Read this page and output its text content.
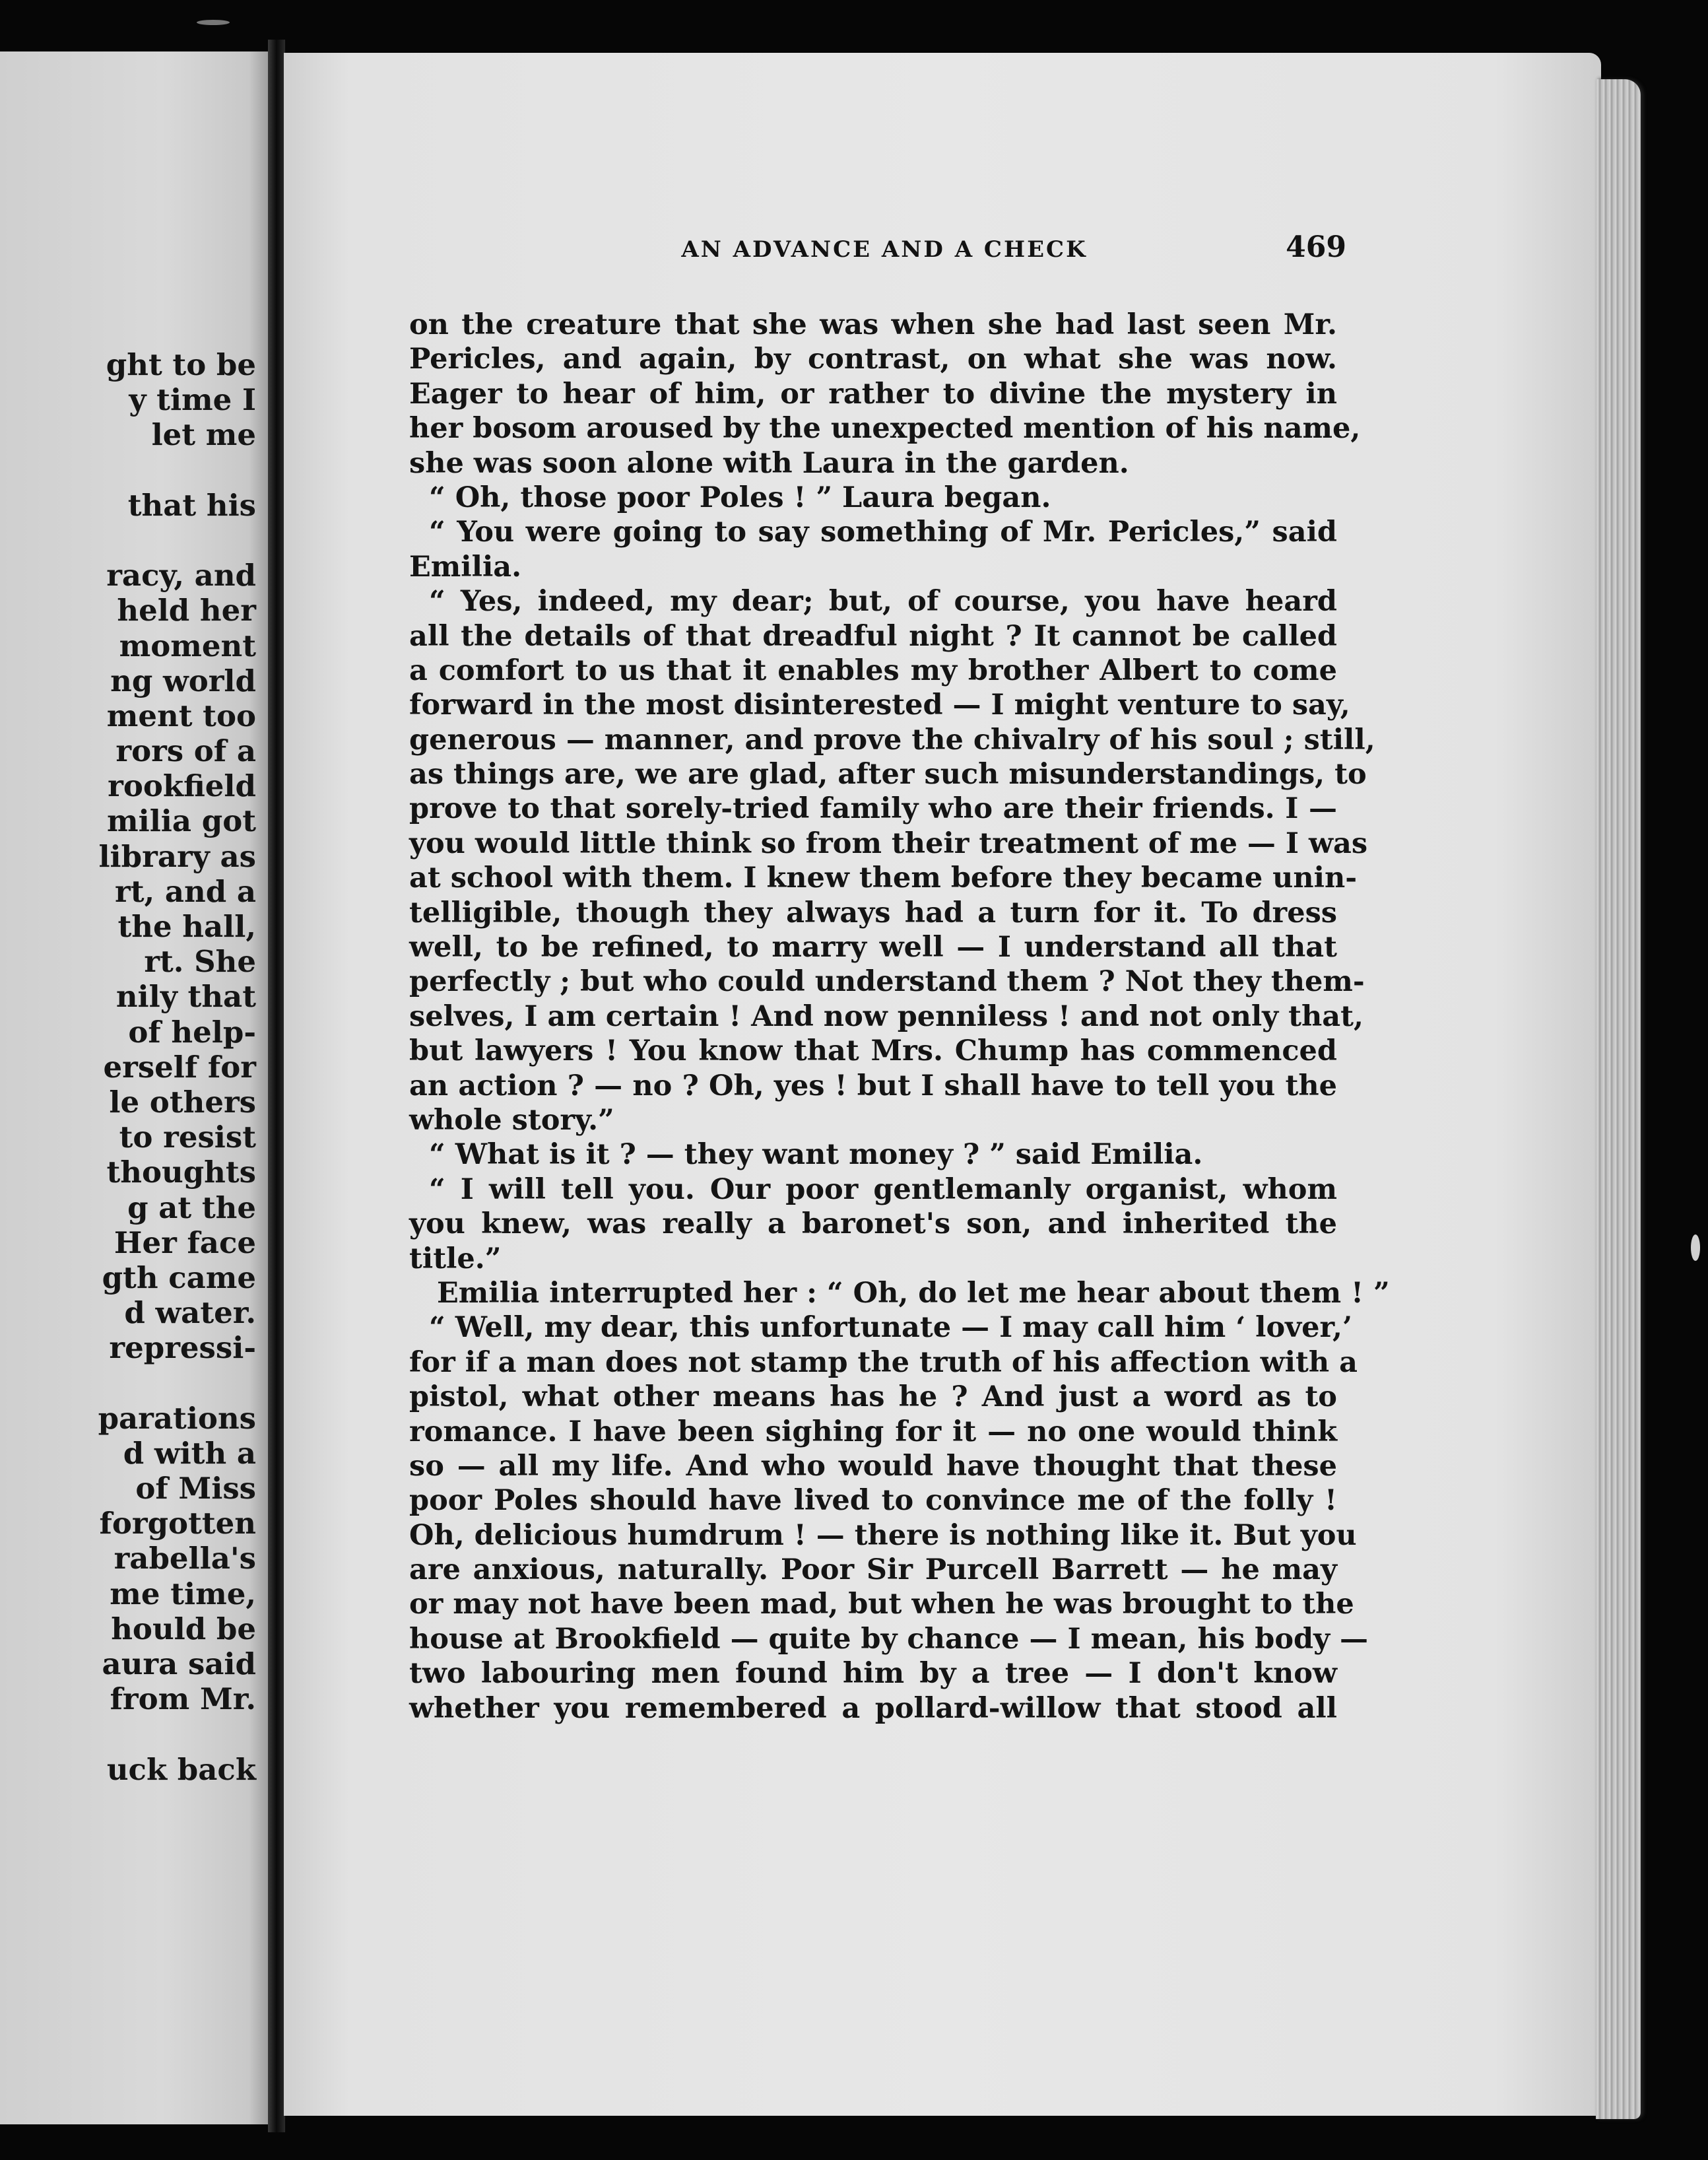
ght to be
y time I
let me
that his
racy, and
held her
moment
ng world
ment too
rors of a
rookfield
milia got
library as
rt, and a
the hall,
rt. She
nily that
of help-
erself for
le others
to resist
thoughts
g at the
Her face
gth came
d water.
repressi-
parations
d with a
of Miss
forgotten
rabella's
me time,
hould be
aura said
from Mr.
uck back
AN ADVANCE AND A CHECK	469
on the creature that she was when she had last seen Mr.
Pericles, and again, by contrast, on what she was now.
Eager to hear of him, or rather to divine the mystery in
her bosom aroused by the unexpected mention of his name,
she was soon alone with Laura in the garden.
“ Oh, those poor Poles ! ” Laura began.
“ You were going to say something of Mr. Pericles,” said
Emilia.
“ Yes, indeed, my dear; but, of course, you have heard
all the details of that dreadful night ? It cannot be called
a comfort to us that it enables my brother Albert to come
forward in the most disinterested — I might venture to say,
generous — manner, and prove the chivalry of his soul ; still,
as things are, we are glad, after such misunderstandings, to
prove to that sorely-tried family who are their friends. I —
you would little think so from their treatment of me — I was
at school with them. I knew them before they became unin-
telligible, though they always had a turn for it. To dress
well, to be refined, to marry well — I understand all that
perfectly ; but who could understand them ? Not they them-
selves, I am certain ! And now penniless ! and not only that,
but lawyers ! You know that Mrs. Chump has commenced
an action ? — no ? Oh, yes ! but I shall have to tell you the
whole story.”
“ What is it ? — they want money ? ” said Emilia.
“ I will tell you. Our poor gentlemanly organist, whom
you knew, was really a baronet's son, and inherited the
title.”
Emilia interrupted her : “ Oh, do let me hear about them ! ”
“ Well, my dear, this unfortunate — I may call him ‘ lover,’
for if a man does not stamp the truth of his affection with a
pistol, what other means has he ? And just a word as to
romance. I have been sighing for it — no one would think
so — all my life. And who would have thought that these
poor Poles should have lived to convince me of the folly !
Oh, delicious humdrum ! — there is nothing like it. But you
are anxious, naturally. Poor Sir Purcell Barrett — he may
or may not have been mad, but when he was brought to the
house at Brookfield — quite by chance — I mean, his body —
two labouring men found him by a tree — I don't know
whether you remembered a pollard-willow that stood all
